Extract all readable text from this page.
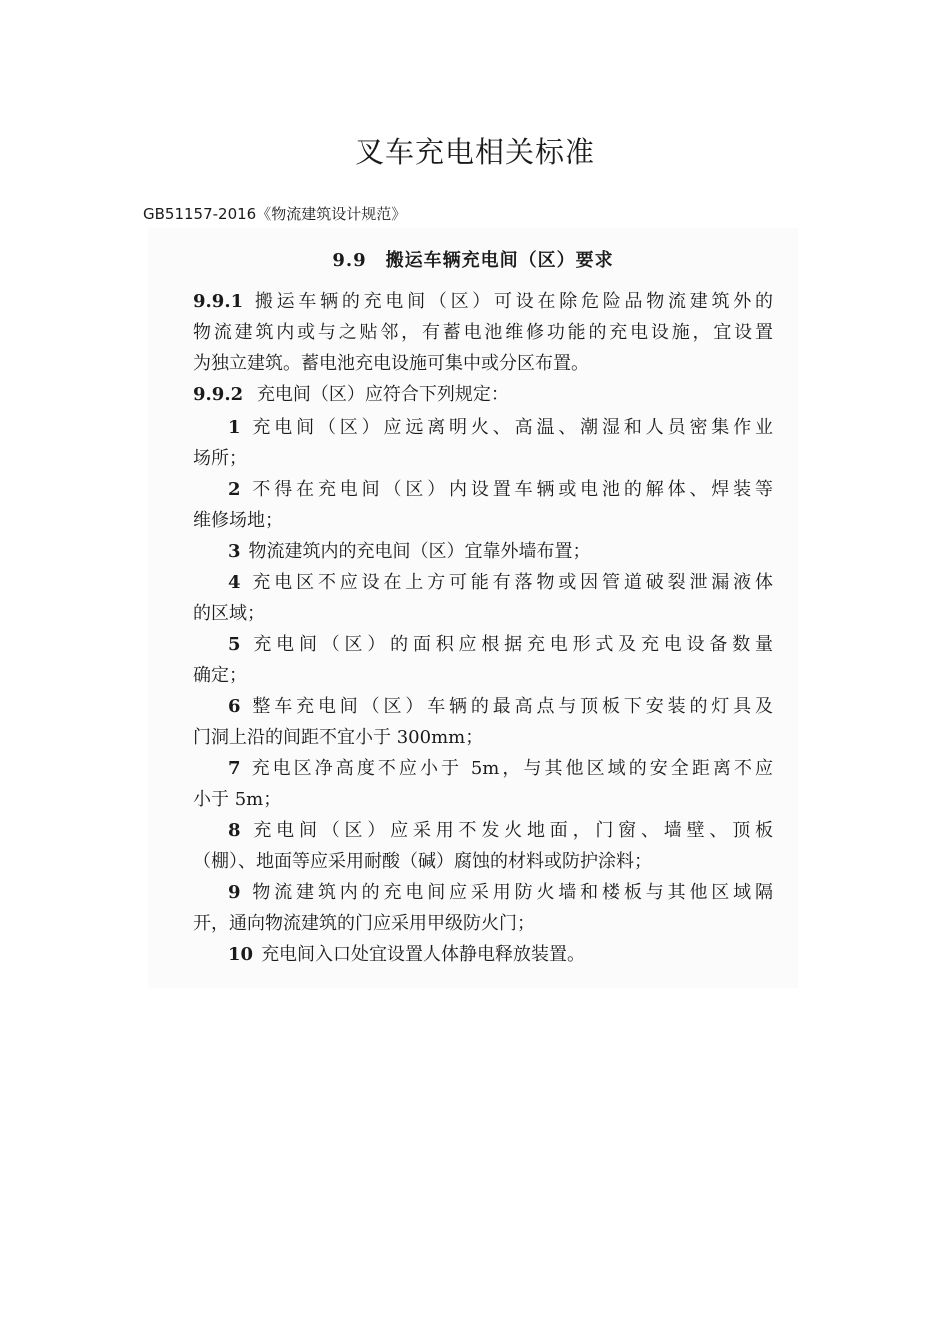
叉车充电相关标准
GB51157-2016《物流建筑设计规范》
9.9　搬运车辆充电间（区）要求
9.9.1 搬运车辆的充电间（区）可设在除危险品物流建筑外的
物流建筑内或与之贴邻，有蓄电池维修功能的充电设施，宜设置
为独立建筑。蓄电池充电设施可集中或分区布置。
9.9.2 充电间（区）应符合下列规定：
1 充电间（区）应远离明火、高温、潮湿和人员密集作业
场所；
2 不得在充电间（区）内设置车辆或电池的解体、焊装等
维修场地；
3 物流建筑内的充电间（区）宜靠外墙布置；
4 充电区不应设在上方可能有落物或因管道破裂泄漏液体
的区域；
5 充电间（区）的面积应根据充电形式及充电设备数量
确定；
6 整车充电间（区）车辆的最高点与顶板下安装的灯具及
门洞上沿的间距不宜小于 300mm；
7 充电区净高度不应小于 5m，与其他区域的安全距离不应
小于 5m；
8 充电间（区）应采用不发火地面，门窗、墙壁、顶板
（棚）、地面等应采用耐酸（碱）腐蚀的材料或防护涂料；
9 物流建筑内的充电间应采用防火墙和楼板与其他区域隔
开，通向物流建筑的门应采用甲级防火门；
10 充电间入口处宜设置人体静电释放装置。
